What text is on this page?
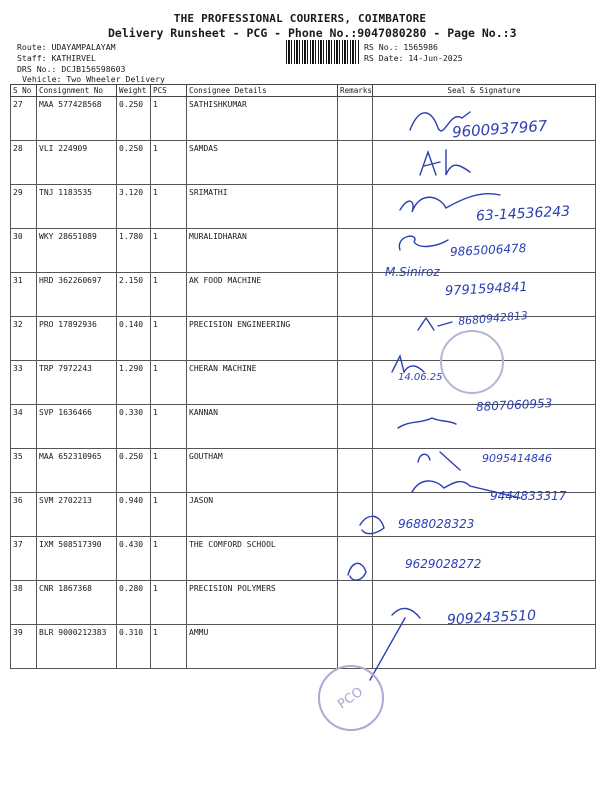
THE PROFESSIONAL COURIERS, COIMBATORE
Delivery Runsheet - PCG - Phone No.:9047080280 - Page No.:3
Route: UDAYAMPALAYAM
Staff: KATHIRVEL
DRS No.: DCJB156598603
Vehicle: Two Wheeler Delivery
RS No.: 1565986
RS Date: 14-Jun-2025
S No	Consignment No	Weight	PCS	Consignee Details	Remarks	Seal & Signature
27	MAA 577428568	0.250	1	SATHISHKUMAR		
28	VLI 224909	0.250	1	SAMDAS		
29	TNJ 1183535	3.120	1	SRIMATHI		
30	WKY 28651089	1.780	1	MURALIDHARAN		
31	HRD 362260697	2.150	1	AK FOOD MACHINE		
32	PRO 17892936	0.140	1	PRECISION ENGINEERING		
33	TRP 7972243	1.290	1	CHERAN MACHINE		
34	SVP 1636466	0.330	1	KANNAN		
35	MAA 652310965	0.250	1	GOUTHAM		
36	SVM 2702213	0.940	1	JASON		
37	IXM 508517390	0.430	1	THE COMFORD SCHOOL		
38	CNR 1867368	0.280	1	PRECISION POLYMERS		
39	BLR 9000212383	0.310	1	AMMU		
9600937967
63-14536243
9865006478
M.Siniroz
9791594841
8680942813
14.06.25
8807060953
9095414846
9444833317
9688028323
9629028272
9092435510
PCO
